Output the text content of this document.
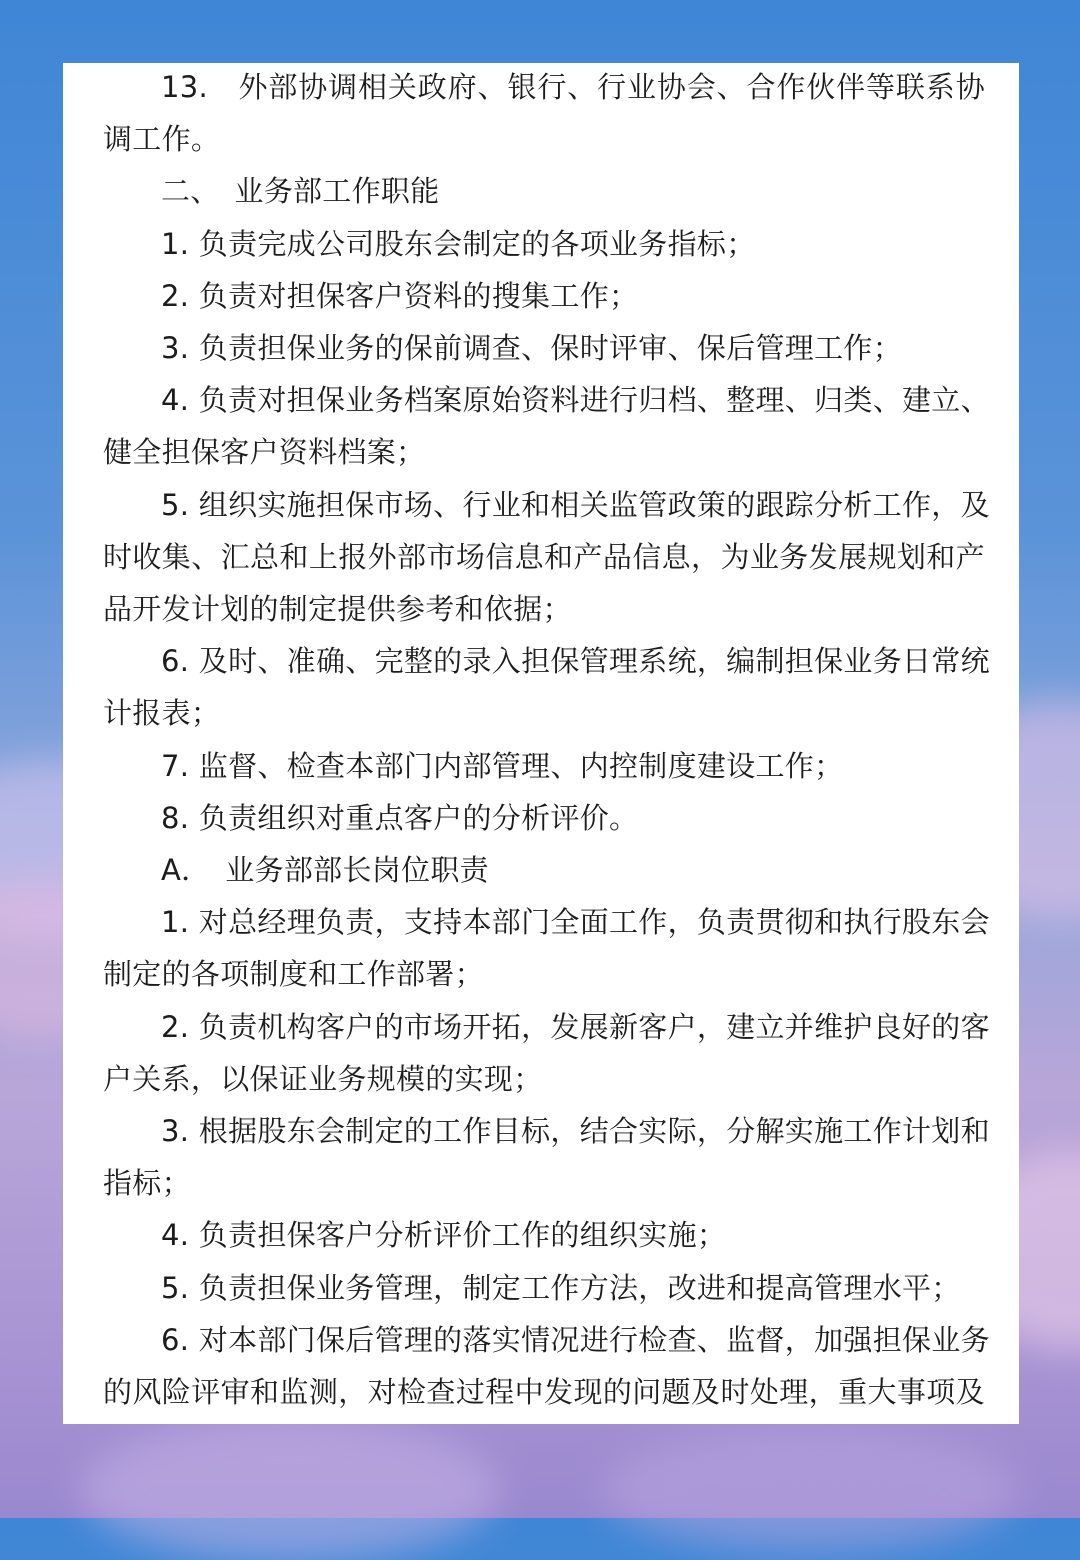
13.　外部协调相关政府、银行、行业协会、合作伙伴等联系协
调工作。
二、　业务部工作职能
1. 负责完成公司股东会制定的各项业务指标；
2. 负责对担保客户资料的搜集工作；
3. 负责担保业务的保前调查、保时评审、保后管理工作；
4. 负责对担保业务档案原始资料进行归档、整理、归类、建立、
健全担保客户资料档案；
5. 组织实施担保市场、行业和相关监管政策的跟踪分析工作，及
时收集、汇总和上报外部市场信息和产品信息，为业务发展规划和产
品开发计划的制定提供参考和依据；
6. 及时、准确、完整的录入担保管理系统，编制担保业务日常统
计报表；
7. 监督、检查本部门内部管理、内控制度建设工作；
8. 负责组织对重点客户的分析评价。
A．　业务部部长岗位职责
1. 对总经理负责，支持本部门全面工作，负责贯彻和执行股东会
制定的各项制度和工作部署；
2. 负责机构客户的市场开拓，发展新客户，建立并维护良好的客
户关系，以保证业务规模的实现；
3. 根据股东会制定的工作目标，结合实际，分解实施工作计划和
指标；
4. 负责担保客户分析评价工作的组织实施；
5. 负责担保业务管理，制定工作方法，改进和提高管理水平；
6. 对本部门保后管理的落实情况进行检查、监督，加强担保业务
的风险评审和监测，对检查过程中发现的问题及时处理，重大事项及
